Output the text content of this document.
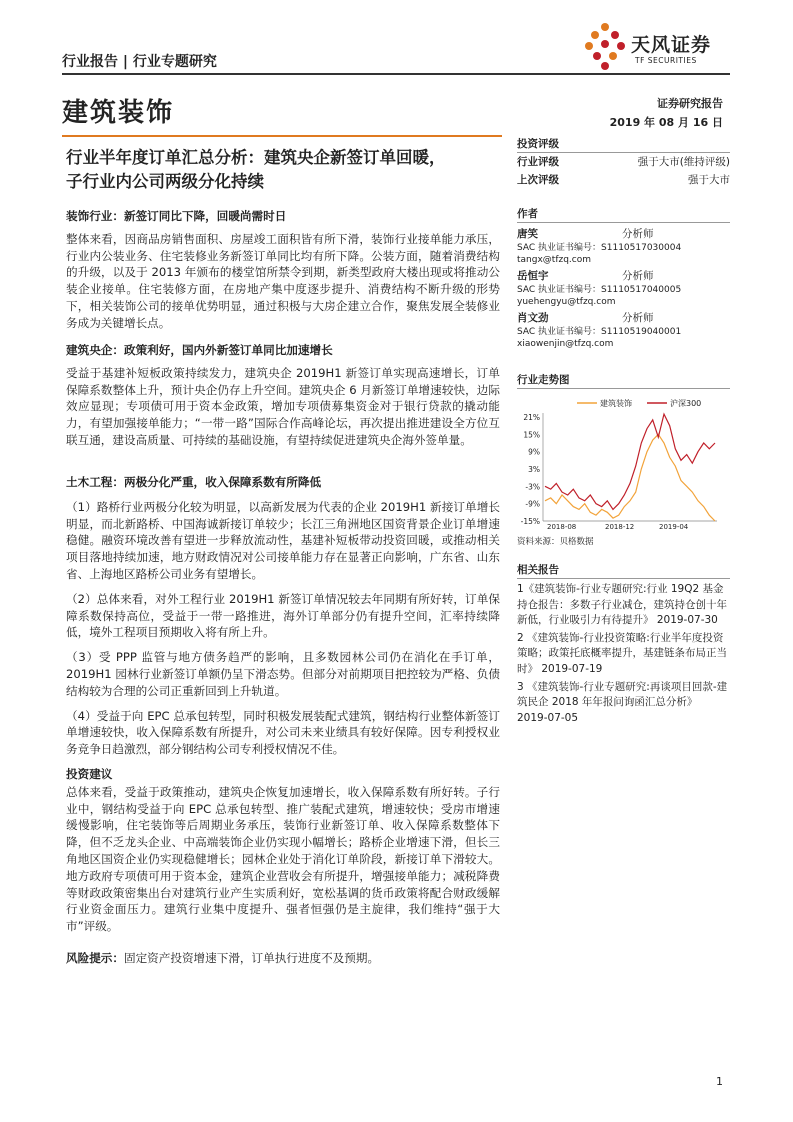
行业报告 | 行业专题研究
天风证券
TF SECURITIES
建筑装饰	证券研究报告
2019 年 08 月 16 日
行业半年度订单汇总分析：建筑央企新签订单回暖，
子行业内公司两级分化持续

装饰行业：新签订同比下降，回暖尚需时日

整体来看，因商品房销售面积、房屋竣工面积皆有所下滑，装饰行业接单能力承压，行业内公装业务、住宅装修业务新签订单同比均有所下降。公装方面，随着消费结构的升级，以及于 2013 年颁布的楼堂馆所禁令到期，新类型政府大楼出现或将推动公装企业接单。住宅装修方面，在房地产集中度逐步提升、消费结构不断升级的形势下，相关装饰公司的接单优势明显，通过积极与大房企建立合作，聚焦发展全装修业务成为关键增长点。

建筑央企：政策利好，国内外新签订单同比加速增长

受益于基建补短板政策持续发力，建筑央企 2019H1 新签订单实现高速增长，订单保障系数整体上升，预计央企仍存上升空间。建筑央企 6 月新签订单增速较快，边际效应显现；专项债可用于资本金政策，增加专项债募集资金对于银行贷款的撬动能力，有望加强接单能力；“一带一路”国际合作高峰论坛，再次提出推进建设全方位互联互通，建设高质量、可持续的基础设施，有望持续促进建筑央企海外签单量。

土木工程：两极分化严重，收入保障系数有所降低

（1）路桥行业两极分化较为明显，以高新发展为代表的企业 2019H1 新接订单增长明显，而北新路桥、中国海诚新接订单较少；长江三角洲地区国资背景企业订单增速稳健。融资环境改善有望进一步释放流动性，基建补短板带动投资回暖，或推动相关项目落地持续加速，地方财政情况对公司接单能力存在显著正向影响，广东省、山东省、上海地区路桥公司业务有望增长。

（2）总体来看，对外工程行业 2019H1 新签订单情况较去年同期有所好转，订单保障系数保持高位，受益于一带一路推进，海外订单部分仍有提升空间，汇率持续降低，境外工程项目预期收入将有所上升。

（3）受 PPP 监管与地方债务趋严的影响，且多数园林公司仍在消化在手订单，2019H1 园林行业新签订单额仍呈下滑态势。但部分对前期项目把控较为严格、负债结构较为合理的公司正重新回到上升轨道。

（4）受益于向 EPC 总承包转型，同时积极发展装配式建筑，钢结构行业整体新签订单增速较快，收入保障系数有所提升，对公司未来业绩具有较好保障。因专利授权业务竞争日趋激烈，部分钢结构公司专利授权情况不佳。

投资建议

总体来看，受益于政策推动，建筑央企恢复加速增长，收入保障系数有所好转。子行业中，钢结构受益于向 EPC 总承包转型、推广装配式建筑，增速较快；受房市增速缓慢影响，住宅装饰等后周期业务承压，装饰行业新签订单、收入保障系数整体下降，但不乏龙头企业、中高端装饰企业仍实现小幅增长；路桥企业增速下滑，但长三角地区国资企业仍实现稳健增长；园林企业处于消化订单阶段，新接订单下滑较大。地方政府专项债可用于资本金，建筑企业营收会有所提升，增强接单能力；减税降费等财政政策密集出台对建筑行业产生实质利好，宽松基调的货币政策将配合财政缓解行业资金面压力。建筑行业集中度提升、强者恒强仍是主旋律，我们维持“强于大市”评级。

风险提示：固定资产投资增速下滑，订单执行进度不及预期。

投资评级
行业评级	强于大市(维持评级)
上次评级	强于大市
作者
唐笑	分析师
SAC 执业证书编号：S1110517030004
tangx@tfzq.com
岳恒宇	分析师
SAC 执业证书编号：S1110517040005
yuehengyu@tfzq.com
肖文劲	分析师
SAC 执业证书编号：S1110519040001
xiaowenjin@tfzq.com
行业走势图
建筑装饰	沪深300
21%
15%
9%
3%
-3%
-9%
-15%
2018-08	2018-12	2019-04
资料来源：贝格数据
相关报告
1《建筑装饰-行业专题研究:行业 19Q2 基金持仓报告：多数子行业减仓，建筑持仓创十年新低，行业吸引力有待提升》 2019-07-30
2 《建筑装饰-行业投资策略:行业半年度投资策略；政策托底概率提升，基建链条布局正当时》 2019-07-19
3 《建筑装饰-行业专题研究:再谈项目回款-建筑民企 2018 年年报问询函汇总分析》 2019-07-05
1
